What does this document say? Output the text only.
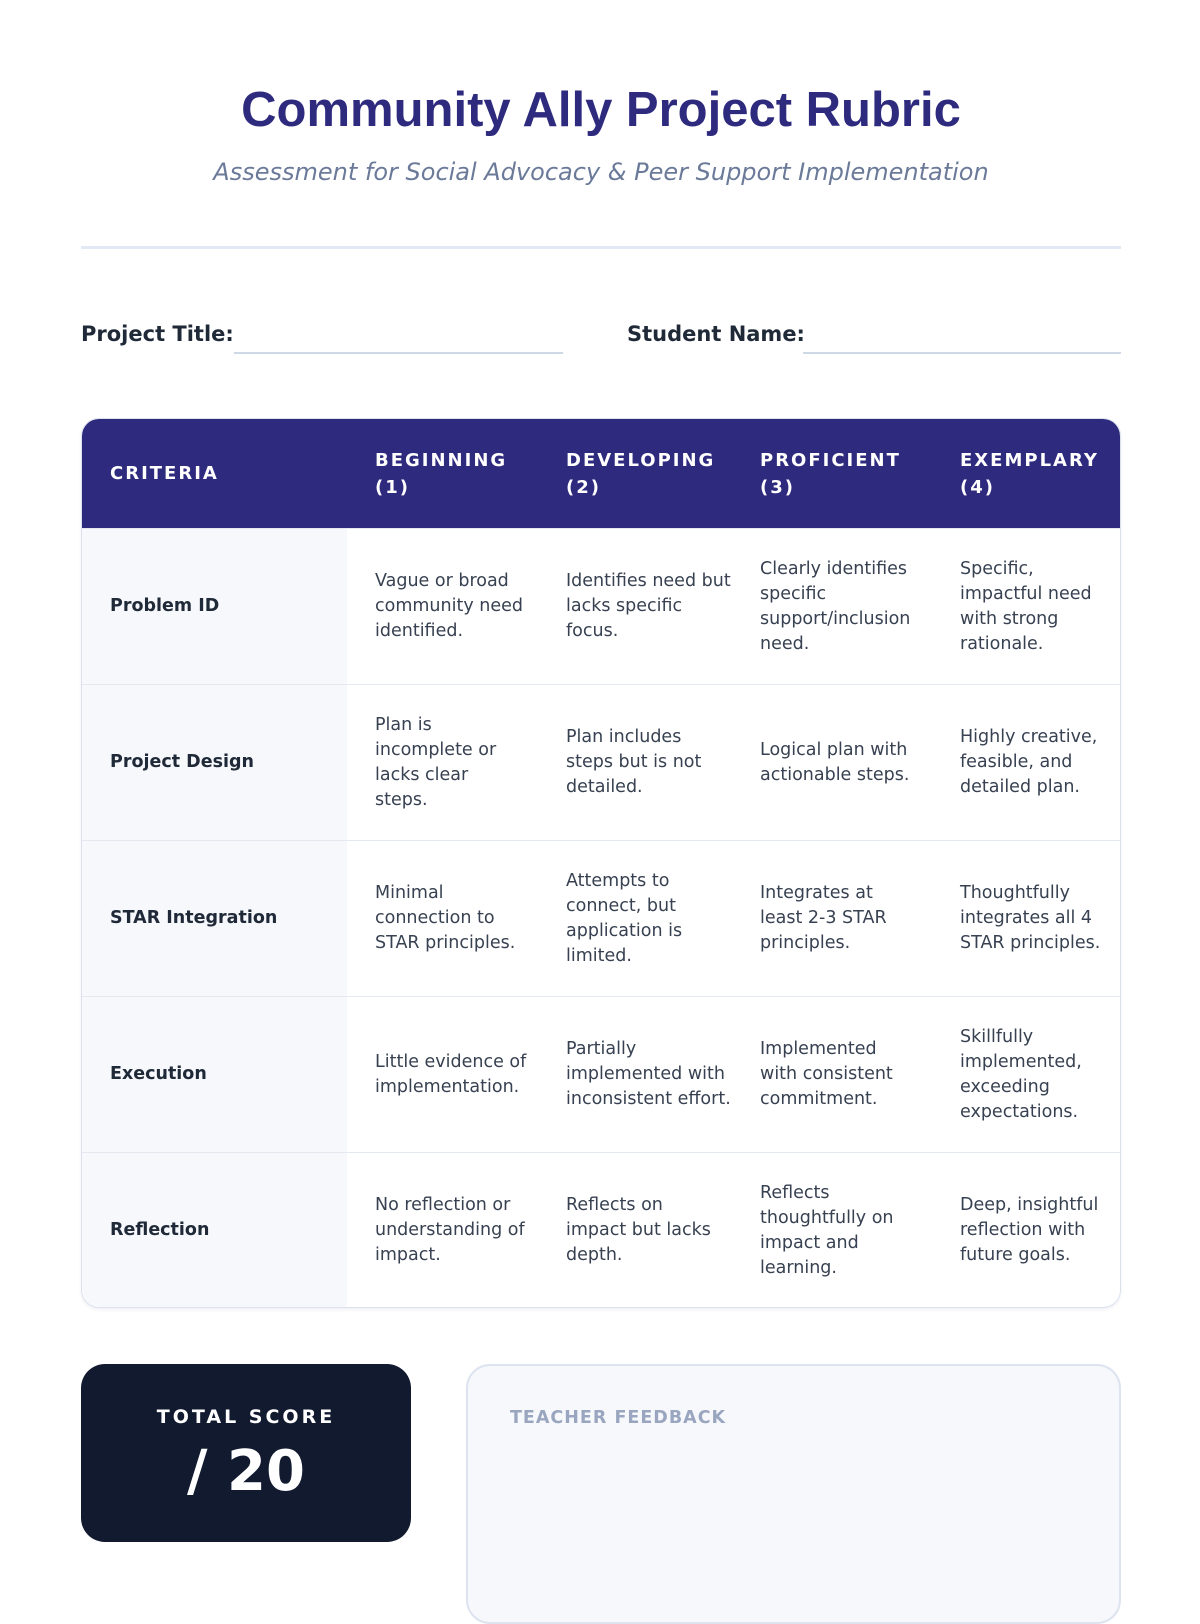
Community Ally Project Rubric

Assessment for Social Advocacy & Peer Support Implementation

Project Title:	Student Name:
CRITERIA
BEGINNING
(1)
DEVELOPING
(2)
PROFICIENT
(3)
EXEMPLARY
(4)
Problem ID
Vague or broad community need identified.
Identifies need but lacks specific focus.
Clearly identifies specific support/inclusion need.
Specific, impactful need with strong rationale.
Project Design
Plan is incomplete or lacks clear steps.
Plan includes steps but is not detailed.
Logical plan with actionable steps.
Highly creative, feasible, and detailed plan.
STAR Integration
Minimal connection to STAR principles.
Attempts to connect, but application is limited.
Integrates at least 2-3 STAR principles.
Thoughtfully integrates all 4 STAR principles.
Execution
Little evidence of implementation.
Partially implemented with inconsistent effort.
Implemented with consistent commitment.
Skillfully implemented, exceeding expectations.
Reflection
No reflection or understanding of impact.
Reflects on impact but lacks depth.
Reflects thoughtfully on impact and learning.
Deep, insightful reflection with future goals.
TOTAL SCORE
/ 20
TEACHER FEEDBACK
